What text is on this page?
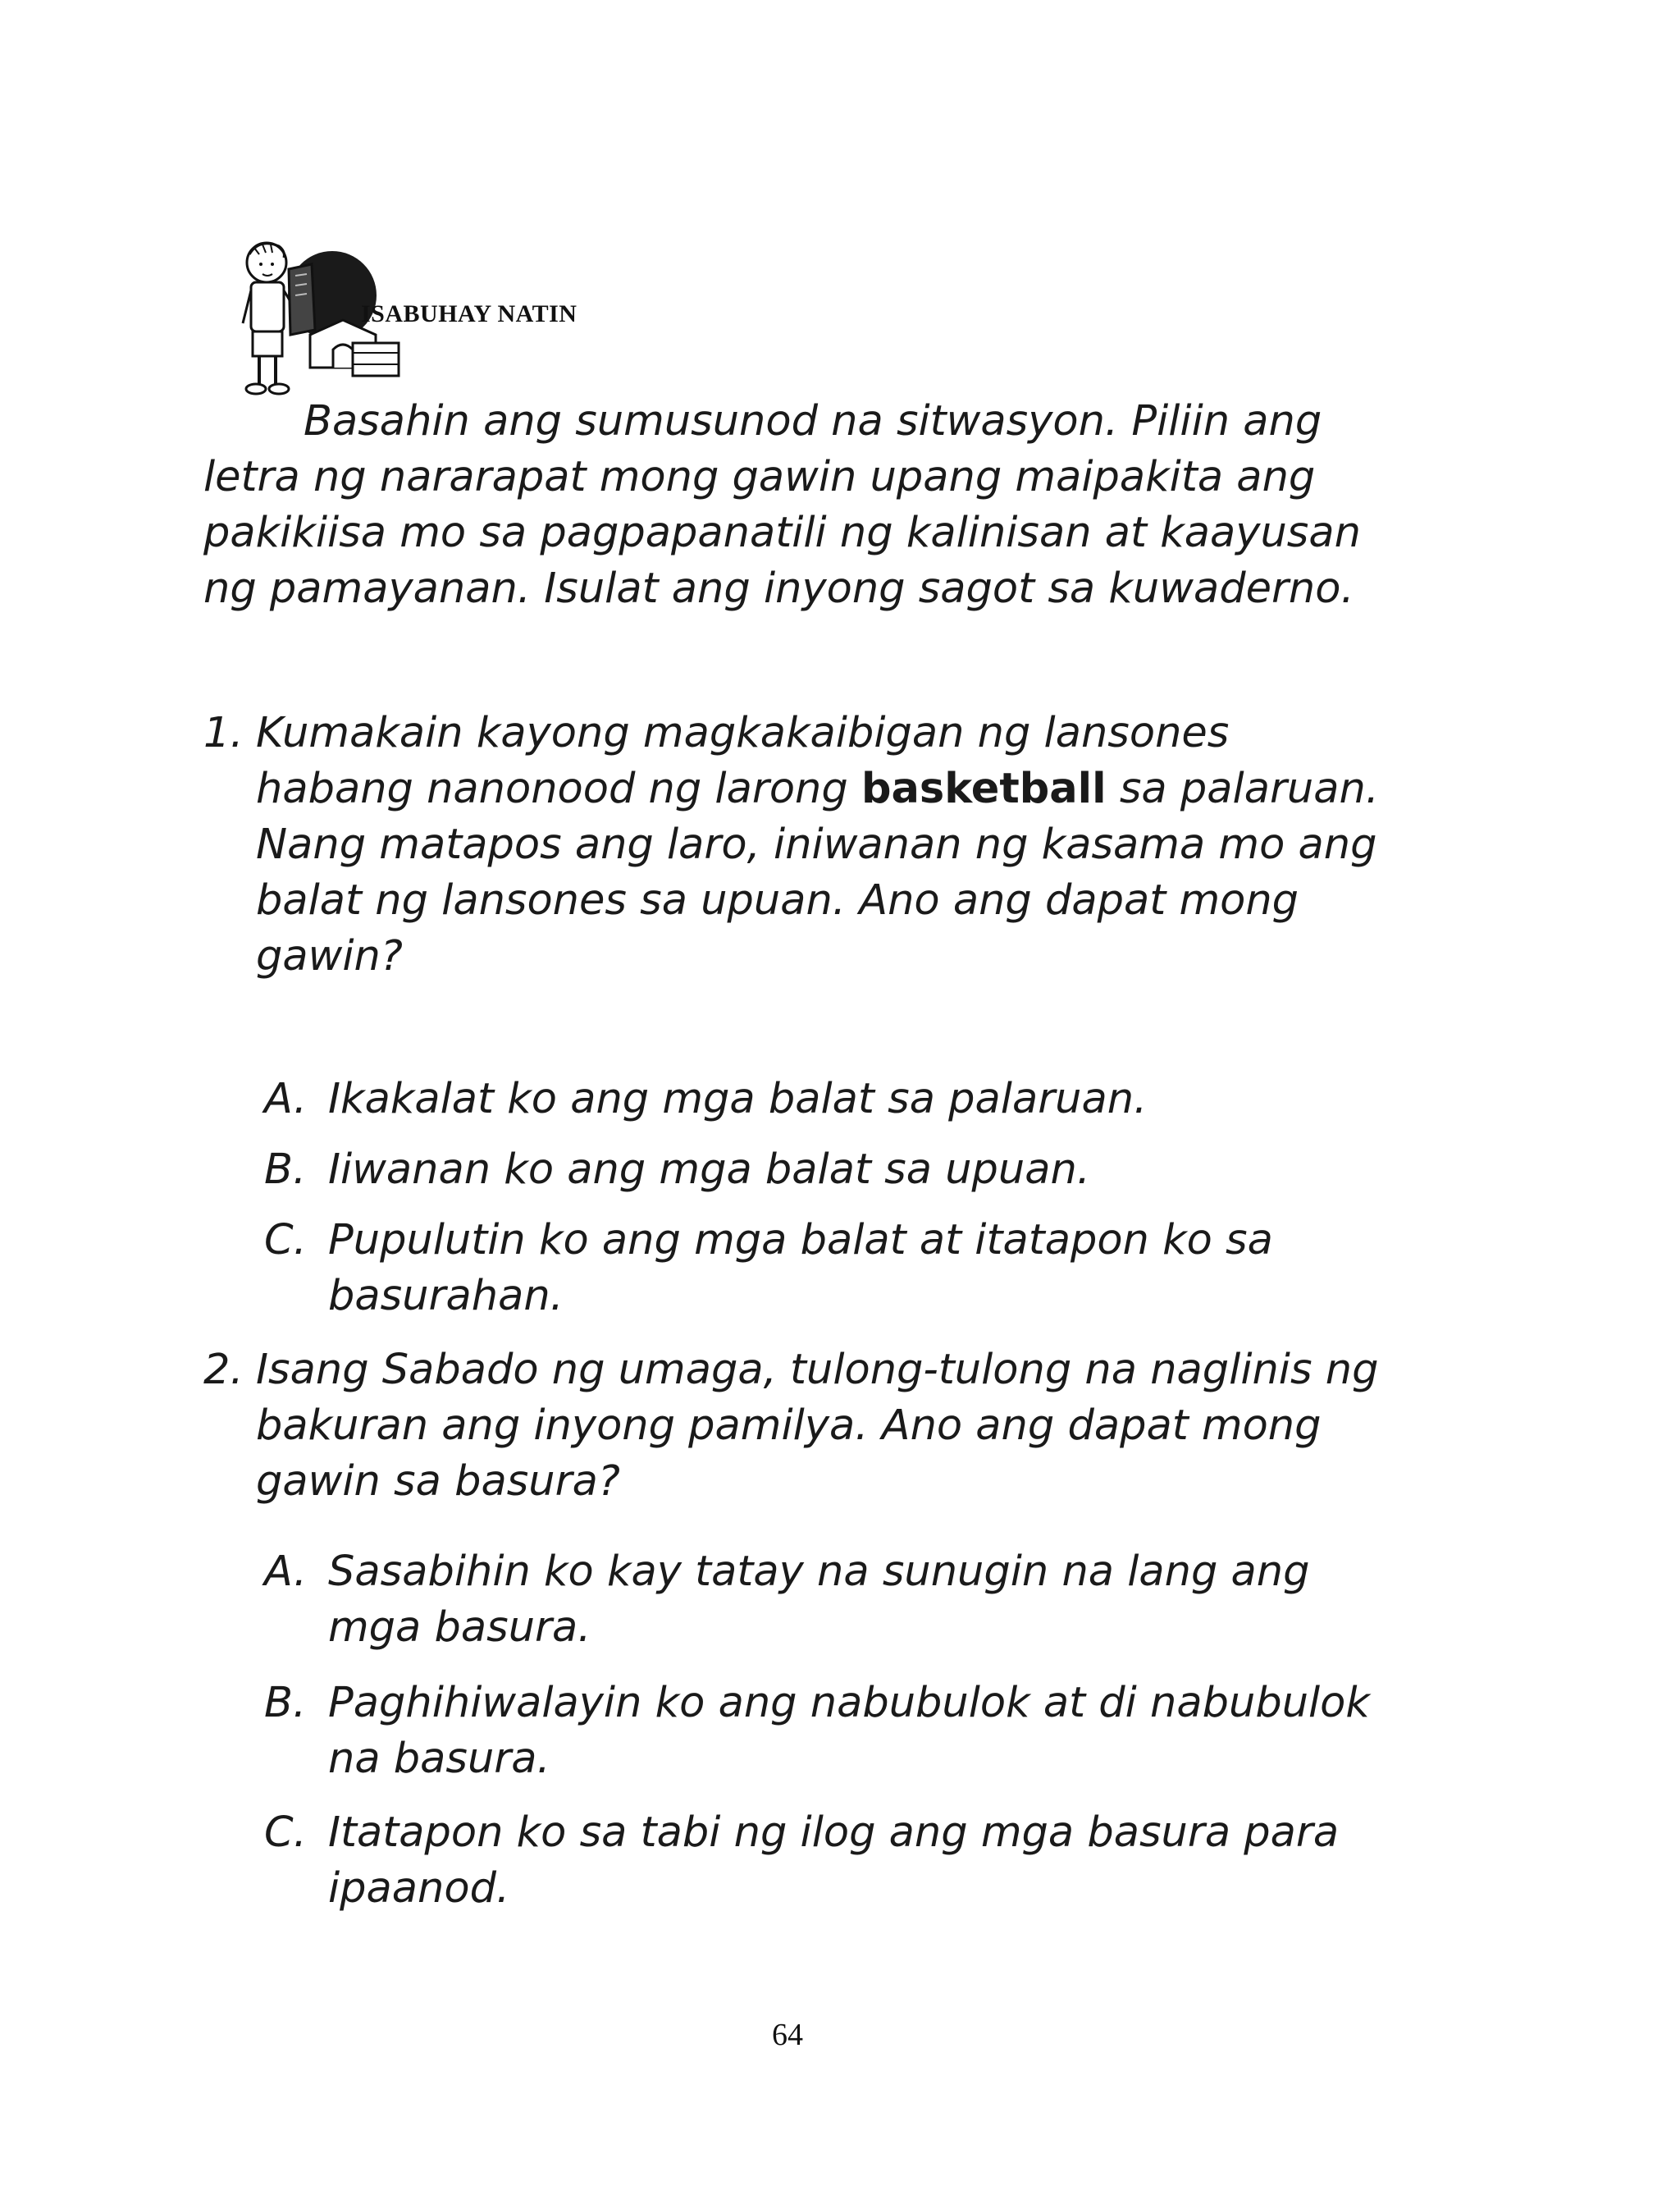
ISABUHAY NATIN
Basahin ang sumusunod na sitwasyon. Piliin ang letra ng nararapat mong gawin upang maipakita ang pakikiisa mo sa pagpapanatili ng kalinisan at kaayusan ng pamayanan. Isulat ang inyong sagot sa kuwaderno.
1. Kumakain kayong magkakaibigan ng lansones habang nanonood ng larong basketball sa palaruan. Nang matapos ang laro, iniwanan ng kasama mo ang balat ng lansones sa upuan. Ano ang dapat mong gawin?
A. Ikakalat ko ang mga balat sa palaruan.
B. Iiwanan ko ang mga balat sa upuan.
C. Pupulutin ko ang mga balat at itatapon ko sa basurahan.
2. Isang Sabado ng umaga, tulong-tulong na naglinis ng bakuran ang inyong pamilya. Ano ang dapat mong gawin sa basura?
A. Sasabihin ko kay tatay na sunugin na lang ang mga basura.
B. Paghihiwalayin ko ang nabubulok at di nabubulok na basura.
C. Itatapon ko sa tabi ng ilog ang mga basura para ipaanod.
64
